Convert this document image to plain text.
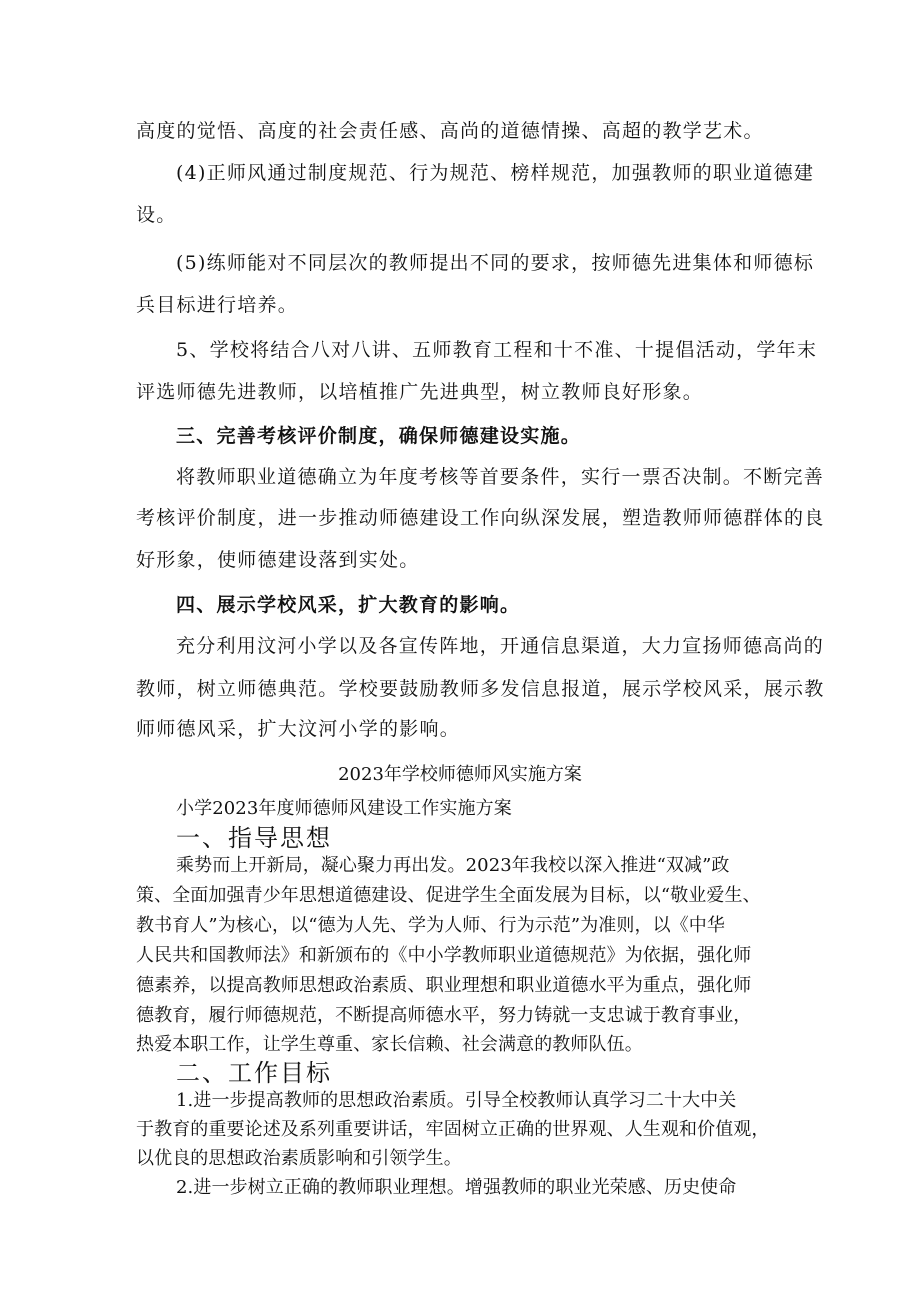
高度的觉悟、高度的社会责任感、高尚的道德情操、高超的教学艺术。

(4)正师风通过制度规范、行为规范、榜样规范，加强教师的职业道德建

设。

(5)练师能对不同层次的教师提出不同的要求，按师德先进集体和师德标

兵目标进行培养。

5、学校将结合八对八讲、五师教育工程和十不准、十提倡活动，学年末

评选师德先进教师，以培植推广先进典型，树立教师良好形象。

三、完善考核评价制度，确保师德建设实施。

将教师职业道德确立为年度考核等首要条件，实行一票否决制。不断完善

考核评价制度，进一步推动师德建设工作向纵深发展，塑造教师师德群体的良

好形象，使师德建设落到实处。

四、展示学校风采，扩大教育的影响。

充分利用汶河小学以及各宣传阵地，开通信息渠道，大力宣扬师德高尚的

教师，树立师德典范。学校要鼓励教师多发信息报道，展示学校风采，展示教

师师德风采，扩大汶河小学的影响。

2023年学校师德师风实施方案

小学2023年度师德师风建设工作实施方案

一、指导思想

乘势而上开新局，凝心聚力再出发。2023年我校以深入推进“双减”政

策、全面加强青少年思想道德建设、促进学生全面发展为目标，以“敬业爱生、

教书育人”为核心，以“德为人先、学为人师、行为示范”为准则，以《中华

人民共和国教师法》和新颁布的《中小学教师职业道德规范》为依据，强化师

德素养，以提高教师思想政治素质、职业理想和职业道德水平为重点，强化师

德教育，履行师德规范，不断提高师德水平，努力铸就一支忠诚于教育事业，

热爱本职工作，让学生尊重、家长信赖、社会满意的教师队伍。

二、工作目标

1.进一步提高教师的思想政治素质。引导全校教师认真学习二十大中关

于教育的重要论述及系列重要讲话，牢固树立正确的世界观、人生观和价值观，

以优良的思想政治素质影响和引领学生。

2.进一步树立正确的教师职业理想。增强教师的职业光荣感、历史使命
